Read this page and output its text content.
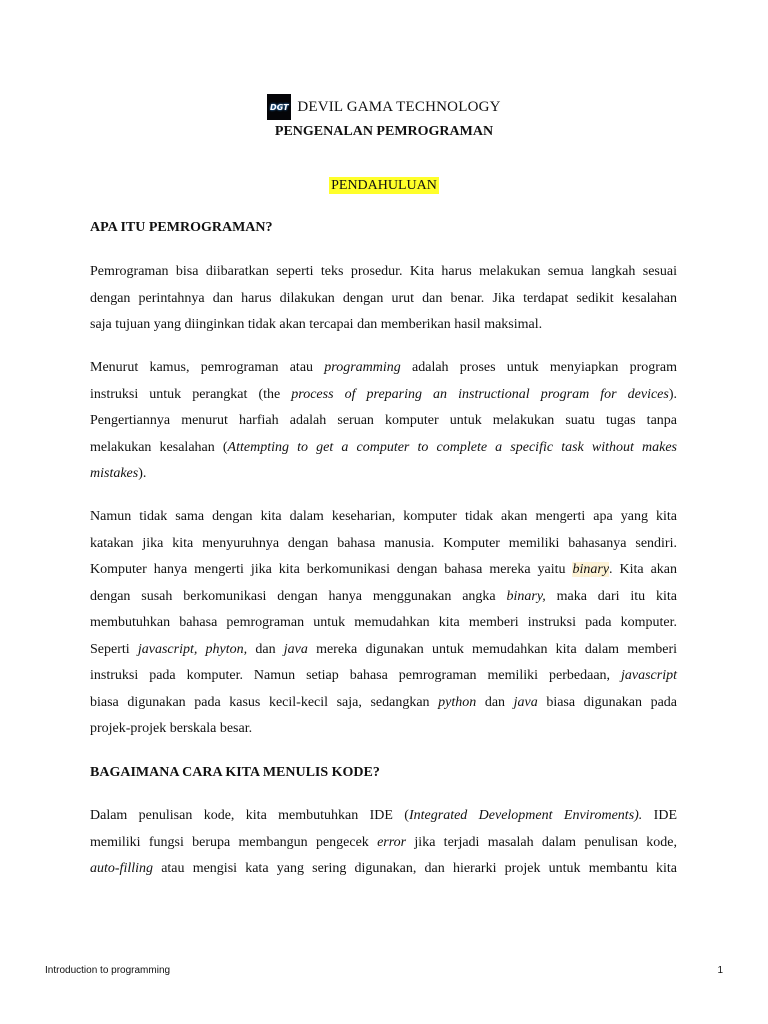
DGT DEVIL GAMA TECHNOLOGY
PENGENALAN PEMROGRAMAN
PENDAHULUAN
APA ITU PEMROGRAMAN?
Pemrograman bisa diibaratkan seperti teks prosedur. Kita harus melakukan semua langkah sesuai
dengan perintahnya dan harus dilakukan dengan urut dan benar. Jika terdapat sedikit kesalahan
saja tujuan yang diinginkan tidak akan tercapai dan memberikan hasil maksimal.
Menurut kamus, pemrograman atau programming adalah proses untuk menyiapkan program
instruksi untuk perangkat (the process of preparing an instructional program for devices).
Pengertiannya menurut harfiah adalah seruan komputer untuk melakukan suatu tugas tanpa
melakukan kesalahan (Attempting to get a computer to complete a specific task without makes
mistakes).
Namun tidak sama dengan kita dalam keseharian, komputer tidak akan mengerti apa yang kita
katakan jika kita menyuruhnya dengan bahasa manusia. Komputer memiliki bahasanya sendiri.
Komputer hanya mengerti jika kita berkomunikasi dengan bahasa mereka yaitu binary. Kita akan
dengan susah berkomunikasi dengan hanya menggunakan angka binary, maka dari itu kita
membutuhkan bahasa pemrograman untuk memudahkan kita memberi instruksi pada komputer.
Seperti javascript, phyton, dan java mereka digunakan untuk memudahkan kita dalam memberi
instruksi pada komputer. Namun setiap bahasa pemrograman memiliki perbedaan, javascript
biasa digunakan pada kasus kecil-kecil saja, sedangkan python dan java biasa digunakan pada
projek-projek berskala besar.
BAGAIMANA CARA KITA MENULIS KODE?
Dalam penulisan kode, kita membutuhkan IDE (Integrated Development Enviroments). IDE
memiliki fungsi berupa membangun pengecek error jika terjadi masalah dalam penulisan kode,
auto-filling atau mengisi kata yang sering digunakan, dan hierarki projek untuk membantu kita
Introduction to programming	1
